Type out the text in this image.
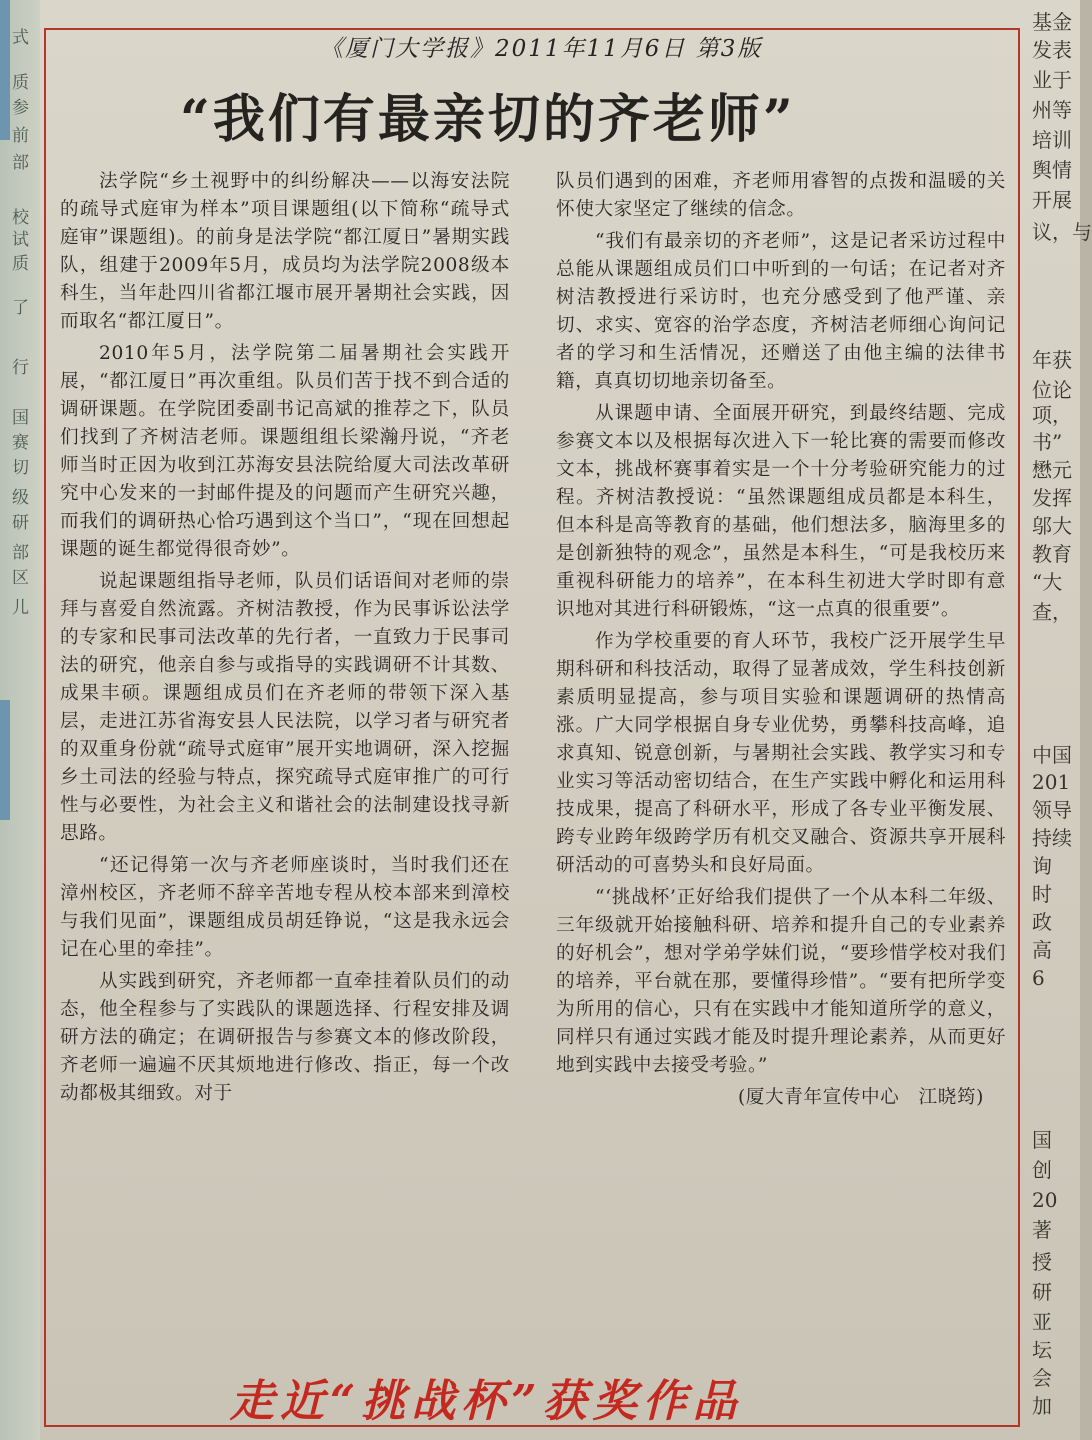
式
质
参
前
部
校
试
质
了
行
国
赛
切
级
研
部
区
儿
基金
发表
业于
州等
培训
舆情
开展
议，与
年获
位论
项，
书”
懋元
发挥
邬大
教育
“大
查，
中国
201
领导
持续
询
时
政
高
6
国
创
20
著
授
研
亚
坛
会
加
《厦门大学报》2011年11月6日 第3版
“我们有最亲切的齐老师”

法学院“乡土视野中的纠纷解决——以海安法院的疏导式庭审为样本”项目课题组(以下简称“疏导式庭审”课题组)。的前身是法学院“都江厦日”暑期实践队，组建于2009年5月，成员均为法学院2008级本科生，当年赴四川省都江堰市展开暑期社会实践，因而取名“都江厦日”。

2010年5月，法学院第二届暑期社会实践开展，“都江厦日”再次重组。队员们苦于找不到合适的调研课题。在学院团委副书记高斌的推荐之下，队员们找到了齐树洁老师。课题组组长梁瀚丹说，“齐老师当时正因为收到江苏海安县法院给厦大司法改革研究中心发来的一封邮件提及的问题而产生研究兴趣，而我们的调研热心恰巧遇到这个当口”，“现在回想起课题的诞生都觉得很奇妙”。

说起课题组指导老师，队员们话语间对老师的崇拜与喜爱自然流露。齐树洁教授，作为民事诉讼法学的专家和民事司法改革的先行者，一直致力于民事司法的研究，他亲自参与或指导的实践调研不计其数、成果丰硕。课题组成员们在齐老师的带领下深入基层，走进江苏省海安县人民法院，以学习者与研究者的双重身份就“疏导式庭审”展开实地调研，深入挖掘乡土司法的经验与特点，探究疏导式庭审推广的可行性与必要性，为社会主义和谐社会的法制建设找寻新思路。

“还记得第一次与齐老师座谈时，当时我们还在漳州校区，齐老师不辞辛苦地专程从校本部来到漳校与我们见面”，课题组成员胡廷铮说，“这是我永远会记在心里的牵挂”。

从实践到研究，齐老师都一直牵挂着队员们的动态，他全程参与了实践队的课题选择、行程安排及调研方法的确定；在调研报告与参赛文本的修改阶段，齐老师一遍遍不厌其烦地进行修改、指正，每一个改动都极其细致。对于

队员们遇到的困难，齐老师用睿智的点拨和温暖的关怀使大家坚定了继续的信念。

“我们有最亲切的齐老师”，这是记者采访过程中总能从课题组成员们口中听到的一句话；在记者对齐树洁教授进行采访时，也充分感受到了他严谨、亲切、求实、宽容的治学态度，齐树洁老师细心询问记者的学习和生活情况，还赠送了由他主编的法律书籍，真真切切地亲切备至。

从课题申请、全面展开研究，到最终结题、完成参赛文本以及根据每次进入下一轮比赛的需要而修改文本，挑战杯赛事着实是一个十分考验研究能力的过程。齐树洁教授说：“虽然课题组成员都是本科生，但本科是高等教育的基础，他们想法多，脑海里多的是创新独特的观念”，虽然是本科生，“可是我校历来重视科研能力的培养”，在本科生初进大学时即有意识地对其进行科研锻炼，“这一点真的很重要”。

作为学校重要的育人环节，我校广泛开展学生早期科研和科技活动，取得了显著成效，学生科技创新素质明显提高，参与项目实验和课题调研的热情高涨。广大同学根据自身专业优势，勇攀科技高峰，追求真知、锐意创新，与暑期社会实践、教学实习和专业实习等活动密切结合，在生产实践中孵化和运用科技成果，提高了科研水平，形成了各专业平衡发展、跨专业跨年级跨学历有机交叉融合、资源共享开展科研活动的可喜势头和良好局面。

“‘挑战杯’正好给我们提供了一个从本科二年级、三年级就开始接触科研、培养和提升自己的专业素养的好机会”，想对学弟学妹们说，“要珍惜学校对我们的培养，平台就在那，要懂得珍惜”。“要有把所学变为所用的信心，只有在实践中才能知道所学的意义，同样只有通过实践才能及时提升理论素养，从而更好地到实践中去接受考验。”

(厦大青年宣传中心　江晓筠)

走近“挑战杯”获奖作品
